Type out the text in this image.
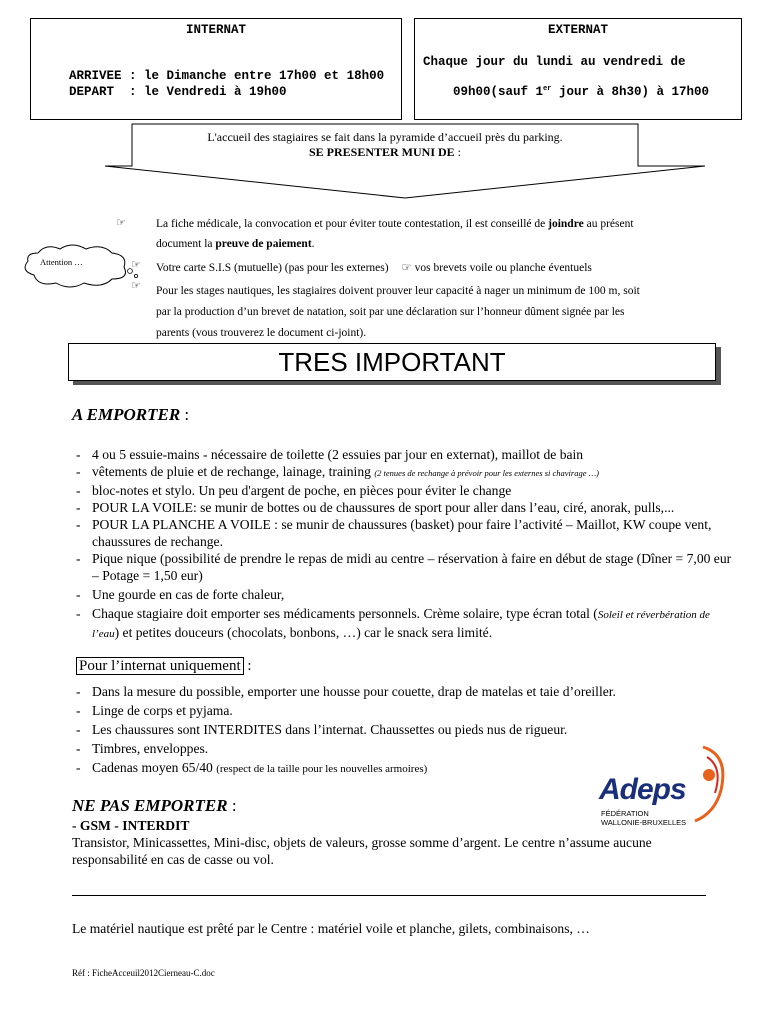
INTERNAT

ARRIVEE : le Dimanche entre 17h00 et 18h00

DEPART  : le Vendredi à 19h00

EXTERNAT
Chaque jour du lundi au vendredi de

09h00(sauf 1er jour à 8h30) à 17h00

L'accueil des stagiaires se fait dans la pyramide d’accueil près du parking.
SE PRESENTER MUNI DE :
Attention …
☞	La fiche médicale, la convocation et pour éviter toute contestation, il est conseillé de joindre au présent
document la preuve de paiement.
☞ Votre carte S.I.S (mutuelle) (pas pour les externes) ☞ vos brevets voile ou planche éventuels
☞ Pour les stages nautiques, les stagiaires doivent prouver leur capacité à nager un minimum de 100 m, soit
par la production d’un brevet de natation, soit par une déclaration sur l’honneur dûment signée par les
parents (vous trouverez le document ci-joint).
TRES IMPORTANT
A EMPORTER :
- 4 ou 5 essuie-mains - nécessaire de toilette (2 essuies par jour en externat), maillot de bain
- vêtements de pluie et de rechange, lainage, training (2 tenues de rechange à prévoir pour les externes si chavirage …)
- bloc-notes et stylo. Un peu d'argent de poche, en pièces pour éviter le change
- POUR LA VOILE: se munir de bottes ou de chaussures de sport pour aller dans l’eau, ciré, anorak, pulls,...
- POUR LA PLANCHE A VOILE : se munir de chaussures (basket) pour faire l’activité – Maillot, KW coupe vent, chaussures de rechange.
- Pique nique (possibilité de prendre le repas de midi au centre – réservation à faire en début de stage (Dîner = 7,00 eur – Potage = 1,50 eur)
- Une gourde en cas de forte chaleur,
- Chaque stagiaire doit emporter ses médicaments personnels. Crème solaire, type écran total (Soleil et réverbération de l’eau) et petites douceurs (chocolats, bonbons, …) car le snack sera limité.
Pour l’internat uniquement :
- Dans la mesure du possible, emporter une housse pour couette, drap de matelas et taie d’oreiller.
- Linge de corps et pyjama.
- Les chaussures sont INTERDITES dans l’internat. Chaussettes ou pieds nus de rigueur.
- Timbres, enveloppes.
- Cadenas moyen 65/40 (respect de la taille pour les nouvelles armoires)
NE PAS EMPORTER :
- GSM - INTERDIT
Transistor, Minicassettes, Mini-disc, objets de valeurs, grosse somme d’argent. Le centre n’assume aucune responsabilité en cas de casse ou vol.
Adeps
FÉDÉRATION
WALLONIE-BRUXELLES
Le matériel nautique est prêté par le Centre : matériel voile et planche, gilets, combinaisons, …
Réf : FicheAcceuil2012Cierneau-C.doc
